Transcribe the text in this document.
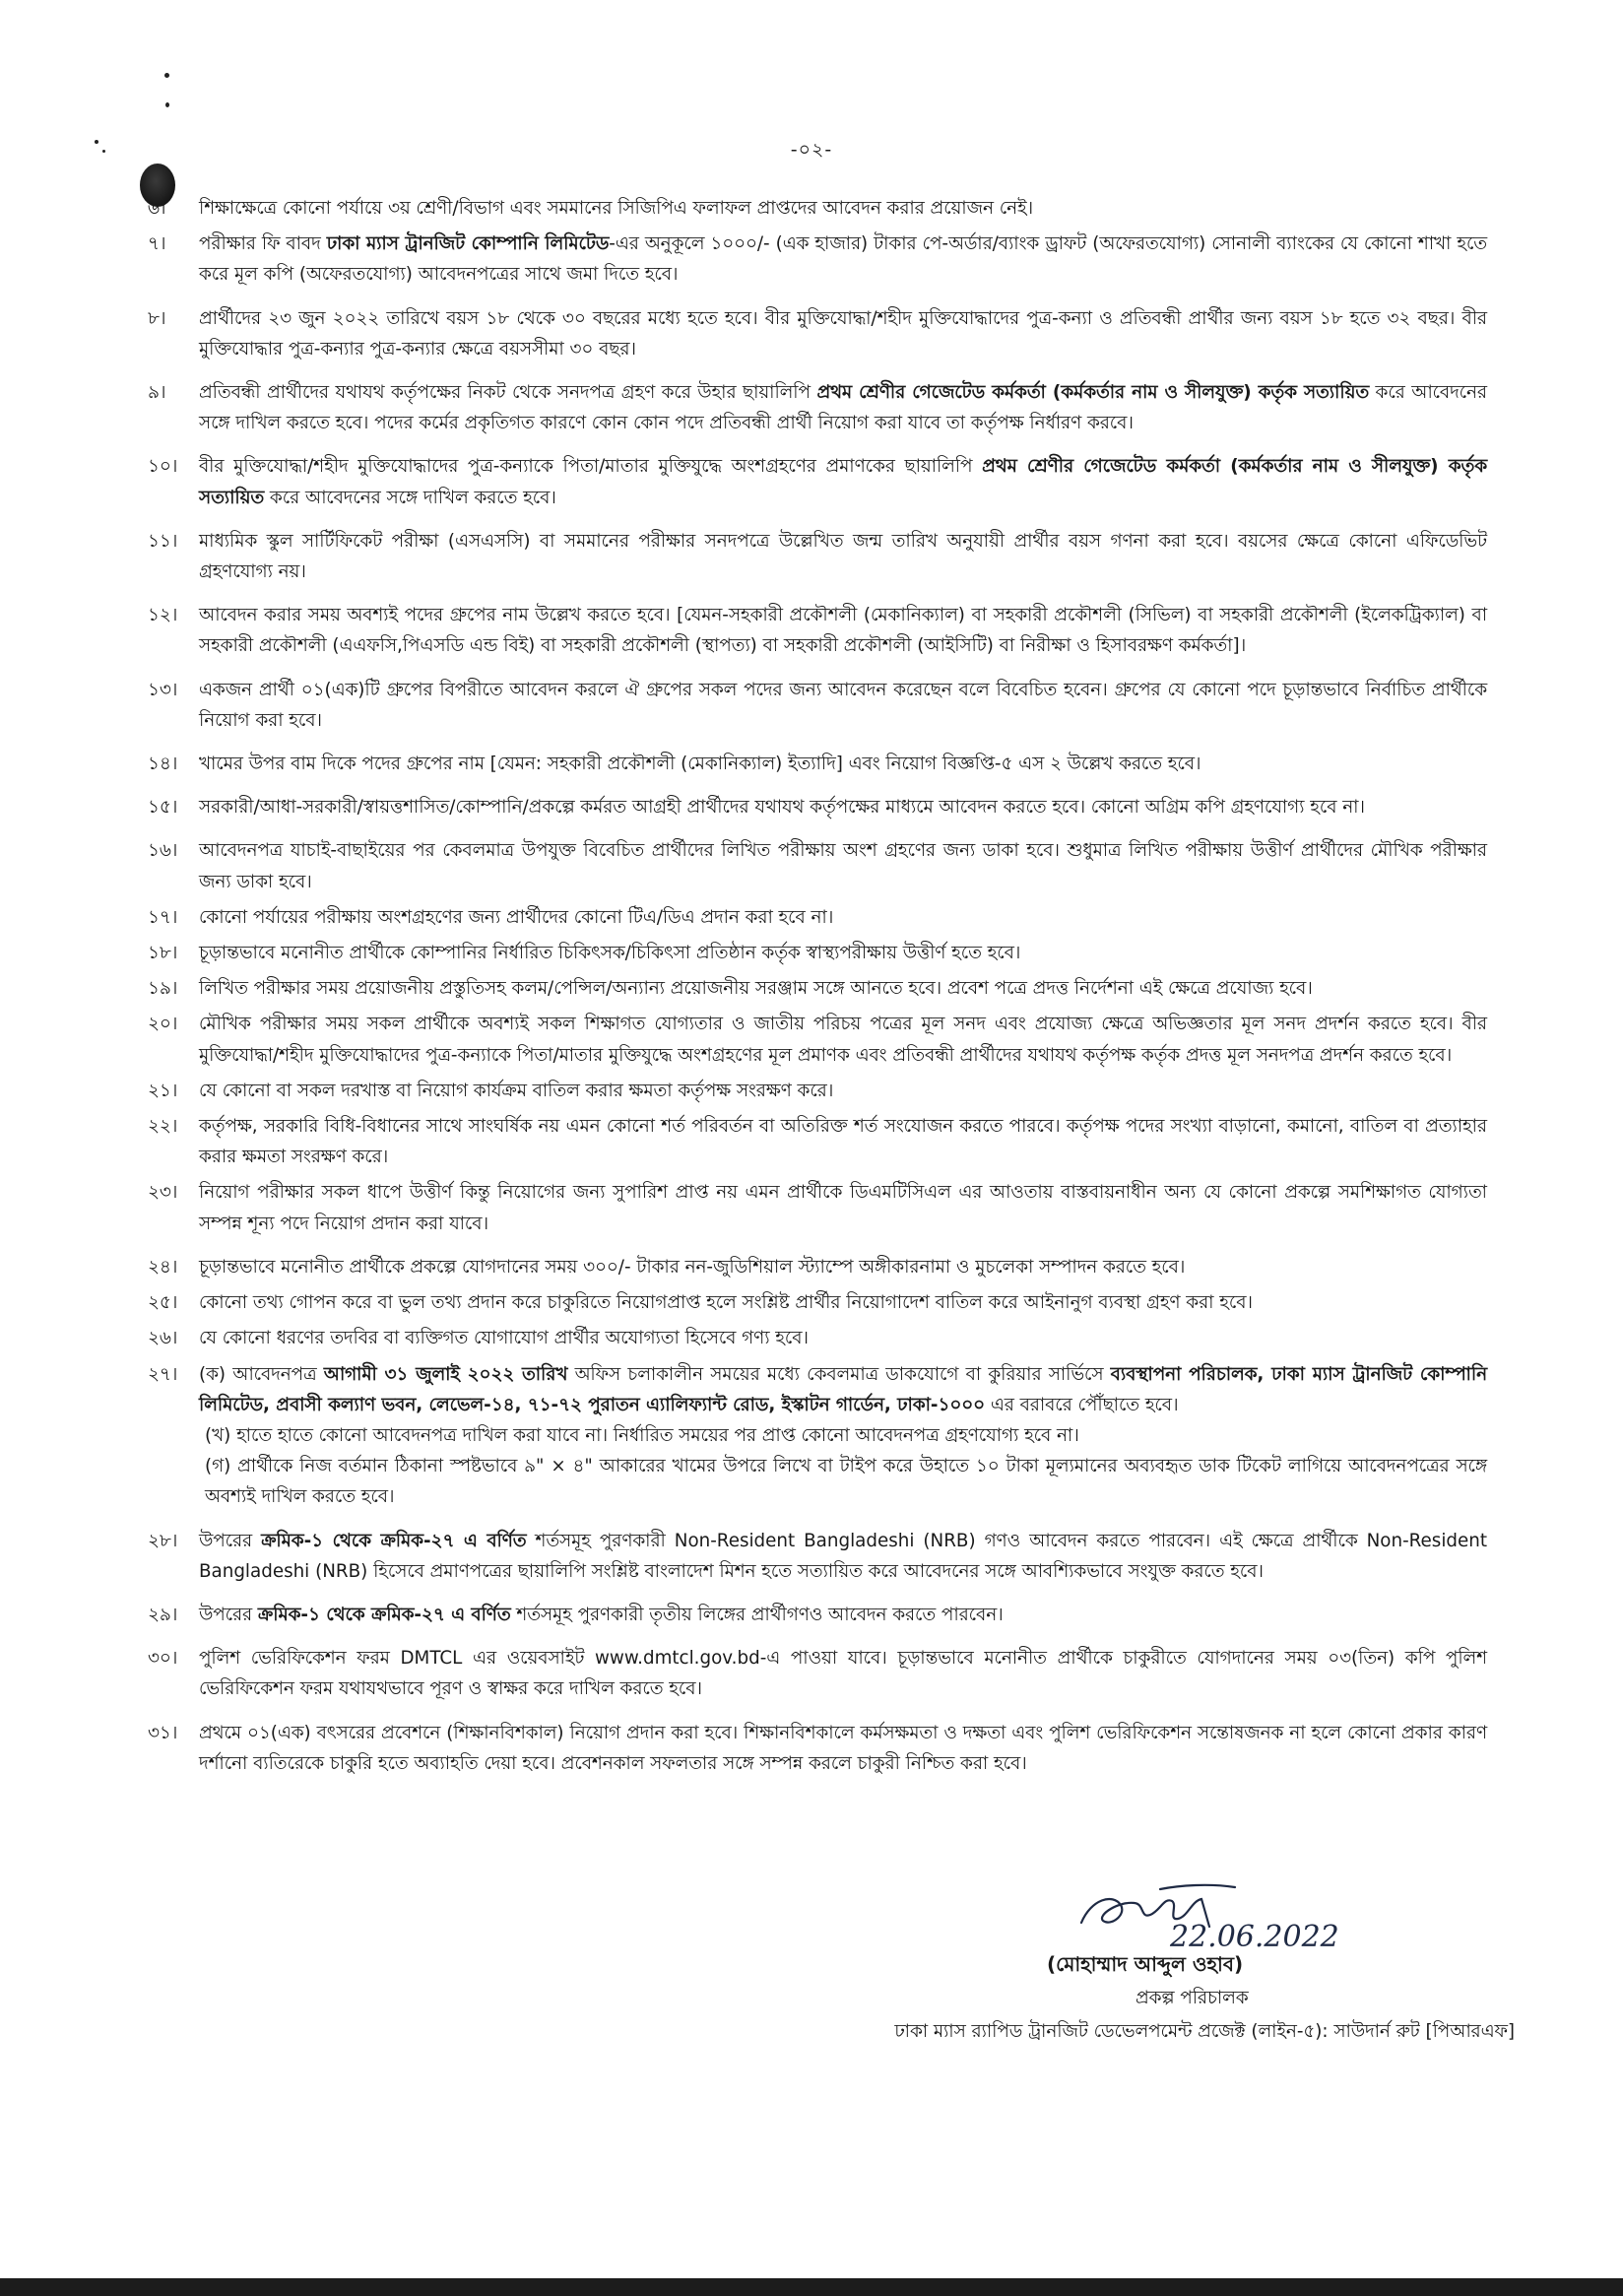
-০২-
৬।	শিক্ষাক্ষেত্রে কোনো পর্যায়ে ৩য় শ্রেণী/বিভাগ এবং সমমানের সিজিপিএ ফলাফল প্রাপ্তদের আবেদন করার প্রয়োজন নেই।
৭।	পরীক্ষার ফি বাবদ ঢাকা ম্যাস ট্রানজিট কোম্পানি লিমিটেড-এর অনুকূলে ১০০০/- (এক হাজার) টাকার পে-অর্ডার/ব্যাংক ড্রাফট (অফেরতযোগ্য) সোনালী ব্যাংকের যে কোনো শাখা হতে করে মূল কপি (অফেরতযোগ্য) আবেদনপত্রের সাথে জমা দিতে হবে।
৮।	প্রার্থীদের ২৩ জুন ২০২২ তারিখে বয়স ১৮ থেকে ৩০ বছরের মধ্যে হতে হবে। বীর মুক্তিযোদ্ধা/শহীদ মুক্তিযোদ্ধাদের পুত্র-কন্যা ও প্রতিবন্ধী প্রার্থীর জন্য বয়স ১৮ হতে ৩২ বছর। বীর মুক্তিযোদ্ধার পুত্র-কন্যার পুত্র-কন্যার ক্ষেত্রে বয়সসীমা ৩০ বছর।
৯।	প্রতিবন্ধী প্রার্থীদের যথাযথ কর্তৃপক্ষের নিকট থেকে সনদপত্র গ্রহণ করে উহার ছায়ালিপি প্রথম শ্রেণীর গেজেটেড কর্মকর্তা (কর্মকর্তার নাম ও সীলযুক্ত) কর্তৃক সত্যায়িত করে আবেদনের সঙ্গে দাখিল করতে হবে। পদের কর্মের প্রকৃতিগত কারণে কোন কোন পদে প্রতিবন্ধী প্রার্থী নিয়োগ করা যাবে তা কর্তৃপক্ষ নির্ধারণ করবে।
১০।	বীর মুক্তিযোদ্ধা/শহীদ মুক্তিযোদ্ধাদের পুত্র-কন্যাকে পিতা/মাতার মুক্তিযুদ্ধে অংশগ্রহণের প্রমাণকের ছায়ালিপি প্রথম শ্রেণীর গেজেটেড কর্মকর্তা (কর্মকর্তার নাম ও সীলযুক্ত) কর্তৃক সত্যায়িত করে আবেদনের সঙ্গে দাখিল করতে হবে।
১১।	মাধ্যমিক স্কুল সার্টিফিকেট পরীক্ষা (এসএসসি) বা সমমানের পরীক্ষার সনদপত্রে উল্লেখিত জন্ম তারিখ অনুযায়ী প্রার্থীর বয়স গণনা করা হবে। বয়সের ক্ষেত্রে কোনো এফিডেভিট গ্রহণযোগ্য নয়।
১২।	আবেদন করার সময় অবশ্যই পদের গ্রুপের নাম উল্লেখ করতে হবে। [যেমন-সহকারী প্রকৌশলী (মেকানিক্যাল) বা সহকারী প্রকৌশলী (সিভিল) বা সহকারী প্রকৌশলী (ইলেকট্রিক্যাল) বা সহকারী প্রকৌশলী (এএফসি,পিএসডি এন্ড বিই) বা সহকারী প্রকৌশলী (স্থাপত্য) বা সহকারী প্রকৌশলী (আইসিটি) বা নিরীক্ষা ও হিসাবরক্ষণ কর্মকর্তা]।
১৩।	একজন প্রার্থী ০১(এক)টি গ্রুপের বিপরীতে আবেদন করলে ঐ গ্রুপের সকল পদের জন্য আবেদন করেছেন বলে বিবেচিত হবেন। গ্রুপের যে কোনো পদে চূড়ান্তভাবে নির্বাচিত প্রার্থীকে নিয়োগ করা হবে।
১৪।	খামের উপর বাম দিকে পদের গ্রুপের নাম [যেমন: সহকারী প্রকৌশলী (মেকানিক্যাল) ইত্যাদি] এবং নিয়োগ বিজ্ঞপ্তি-৫ এস ২ উল্লেখ করতে হবে।
১৫।	সরকারী/আধা-সরকারী/স্বায়ত্তশাসিত/কোম্পানি/প্রকল্পে কর্মরত আগ্রহী প্রার্থীদের যথাযথ কর্তৃপক্ষের মাধ্যমে আবেদন করতে হবে। কোনো অগ্রিম কপি গ্রহণযোগ্য হবে না।
১৬।	আবেদনপত্র যাচাই-বাছাইয়ের পর কেবলমাত্র উপযুক্ত বিবেচিত প্রার্থীদের লিখিত পরীক্ষায় অংশ গ্রহণের জন্য ডাকা হবে। শুধুমাত্র লিখিত পরীক্ষায় উত্তীর্ণ প্রার্থীদের মৌখিক পরীক্ষার জন্য ডাকা হবে।
১৭।	কোনো পর্যায়ের পরীক্ষায় অংশগ্রহণের জন্য প্রার্থীদের কোনো টিএ/ডিএ প্রদান করা হবে না।
১৮।	চূড়ান্তভাবে মনোনীত প্রার্থীকে কোম্পানির নির্ধারিত চিকিৎসক/চিকিৎসা প্রতিষ্ঠান কর্তৃক স্বাস্থ্যপরীক্ষায় উত্তীর্ণ হতে হবে।
১৯।	লিখিত পরীক্ষার সময় প্রয়োজনীয় প্রস্তুতিসহ কলম/পেন্সিল/অন্যান্য প্রয়োজনীয় সরঞ্জাম সঙ্গে আনতে হবে। প্রবেশ পত্রে প্রদত্ত নির্দেশনা এই ক্ষেত্রে প্রযোজ্য হবে।
২০।	মৌখিক পরীক্ষার সময় সকল প্রার্থীকে অবশ্যই সকল শিক্ষাগত যোগ্যতার ও জাতীয় পরিচয় পত্রের মূল সনদ এবং প্রযোজ্য ক্ষেত্রে অভিজ্ঞতার মূল সনদ প্রদর্শন করতে হবে। বীর মুক্তিযোদ্ধা/শহীদ মুক্তিযোদ্ধাদের পুত্র-কন্যাকে পিতা/মাতার মুক্তিযুদ্ধে অংশগ্রহণের মূল প্রমাণক এবং প্রতিবন্ধী প্রার্থীদের যথাযথ কর্তৃপক্ষ কর্তৃক প্রদত্ত মূল সনদপত্র প্রদর্শন করতে হবে।
২১।	যে কোনো বা সকল দরখাস্ত বা নিয়োগ কার্যক্রম বাতিল করার ক্ষমতা কর্তৃপক্ষ সংরক্ষণ করে।
২২।	কর্তৃপক্ষ, সরকারি বিধি-বিধানের সাথে সাংঘর্ষিক নয় এমন কোনো শর্ত পরিবর্তন বা অতিরিক্ত শর্ত সংযোজন করতে পারবে। কর্তৃপক্ষ পদের সংখ্যা বাড়ানো, কমানো, বাতিল বা প্রত্যাহার করার ক্ষমতা সংরক্ষণ করে।
২৩।	নিয়োগ পরীক্ষার সকল ধাপে উত্তীর্ণ কিন্তু নিয়োগের জন্য সুপারিশ প্রাপ্ত নয় এমন প্রার্থীকে ডিএমটিসিএল এর আওতায় বাস্তবায়নাধীন অন্য যে কোনো প্রকল্পে সমশিক্ষাগত যোগ্যতা সম্পন্ন শূন্য পদে নিয়োগ প্রদান করা যাবে।
২৪।	চূড়ান্তভাবে মনোনীত প্রার্থীকে প্রকল্পে যোগদানের সময় ৩০০/- টাকার নন-জুডিশিয়াল স্ট্যাম্পে অঙ্গীকারনামা ও মুচলেকা সম্পাদন করতে হবে।
২৫।	কোনো তথ্য গোপন করে বা ভুল তথ্য প্রদান করে চাকুরিতে নিয়োগপ্রাপ্ত হলে সংশ্লিষ্ট প্রার্থীর নিয়োগাদেশ বাতিল করে আইনানুগ ব্যবস্থা গ্রহণ করা হবে।
২৬।	যে কোনো ধরণের তদবির বা ব্যক্তিগত যোগাযোগ প্রার্থীর অযোগ্যতা হিসেবে গণ্য হবে।
২৭।	(ক) আবেদনপত্র আগামী ৩১ জুলাই ২০২২ তারিখ অফিস চলাকালীন সময়ের মধ্যে কেবলমাত্র ডাকযোগে বা কুরিয়ার সার্ভিসে ব্যবস্থাপনা পরিচালক, ঢাকা ম্যাস ট্রানজিট কোম্পানি লিমিটেড, প্রবাসী কল্যাণ ভবন, লেভেল-১৪, ৭১-৭২ পুরাতন এ্যালিফ্যান্ট রোড, ইস্কাটন গার্ডেন, ঢাকা-১০০০ এর বরাবরে পৌঁছাতে হবে।
(খ) হাতে হাতে কোনো আবেদনপত্র দাখিল করা যাবে না। নির্ধারিত সময়ের পর প্রাপ্ত কোনো আবেদনপত্র গ্রহণযোগ্য হবে না।
(গ) প্রার্থীকে নিজ বর্তমান ঠিকানা স্পষ্টভাবে ৯" × ৪" আকারের খামের উপরে লিখে বা টাইপ করে উহাতে ১০ টাকা মূল্যমানের অব্যবহৃত ডাক টিকেট লাগিয়ে আবেদনপত্রের সঙ্গে অবশ্যই দাখিল করতে হবে।
২৮।	উপরের ক্রমিক-১ থেকে ক্রমিক-২৭ এ বর্ণিত শর্তসমূহ পুরণকারী Non-Resident Bangladeshi (NRB) গণও আবেদন করতে পারবেন। এই ক্ষেত্রে প্রার্থীকে Non-Resident Bangladeshi (NRB) হিসেবে প্রমাণপত্রের ছায়ালিপি সংশ্লিষ্ট বাংলাদেশ মিশন হতে সত্যায়িত করে আবেদনের সঙ্গে আবশ্যিকভাবে সংযুক্ত করতে হবে।
২৯।	উপরের ক্রমিক-১ থেকে ক্রমিক-২৭ এ বর্ণিত শর্তসমূহ পুরণকারী তৃতীয় লিঙ্গের প্রার্থীগণও আবেদন করতে পারবেন।
৩০।	পুলিশ ভেরিফিকেশন ফরম DMTCL এর ওয়েবসাইট www.dmtcl.gov.bd-এ পাওয়া যাবে। চূড়ান্তভাবে মনোনীত প্রার্থীকে চাকুরীতে যোগদানের সময় ০৩(তিন) কপি পুলিশ ভেরিফিকেশন ফরম যথাযথভাবে পূরণ ও স্বাক্ষর করে দাখিল করতে হবে।
৩১।	প্রথমে ০১(এক) বৎসরের প্রবেশনে (শিক্ষানবিশকাল) নিয়োগ প্রদান করা হবে। শিক্ষানবিশকালে কর্মসক্ষমতা ও দক্ষতা এবং পুলিশ ভেরিফিকেশন সন্তোষজনক না হলে কোনো প্রকার কারণ দর্শানো ব্যতিরেকে চাকুরি হতে অব্যাহতি দেয়া হবে। প্রবেশনকাল সফলতার সঙ্গে সম্পন্ন করলে চাকুরী নিশ্চিত করা হবে।
22.06.2022
(মোহাম্মাদ আব্দুল ওহাব)
প্রকল্প পরিচালক
ঢাকা ম্যাস র‍্যাপিড ট্রানজিট ডেভেলপমেন্ট প্রজেক্ট (লাইন-৫): সাউদার্ন রুট [পিআরএফ]
